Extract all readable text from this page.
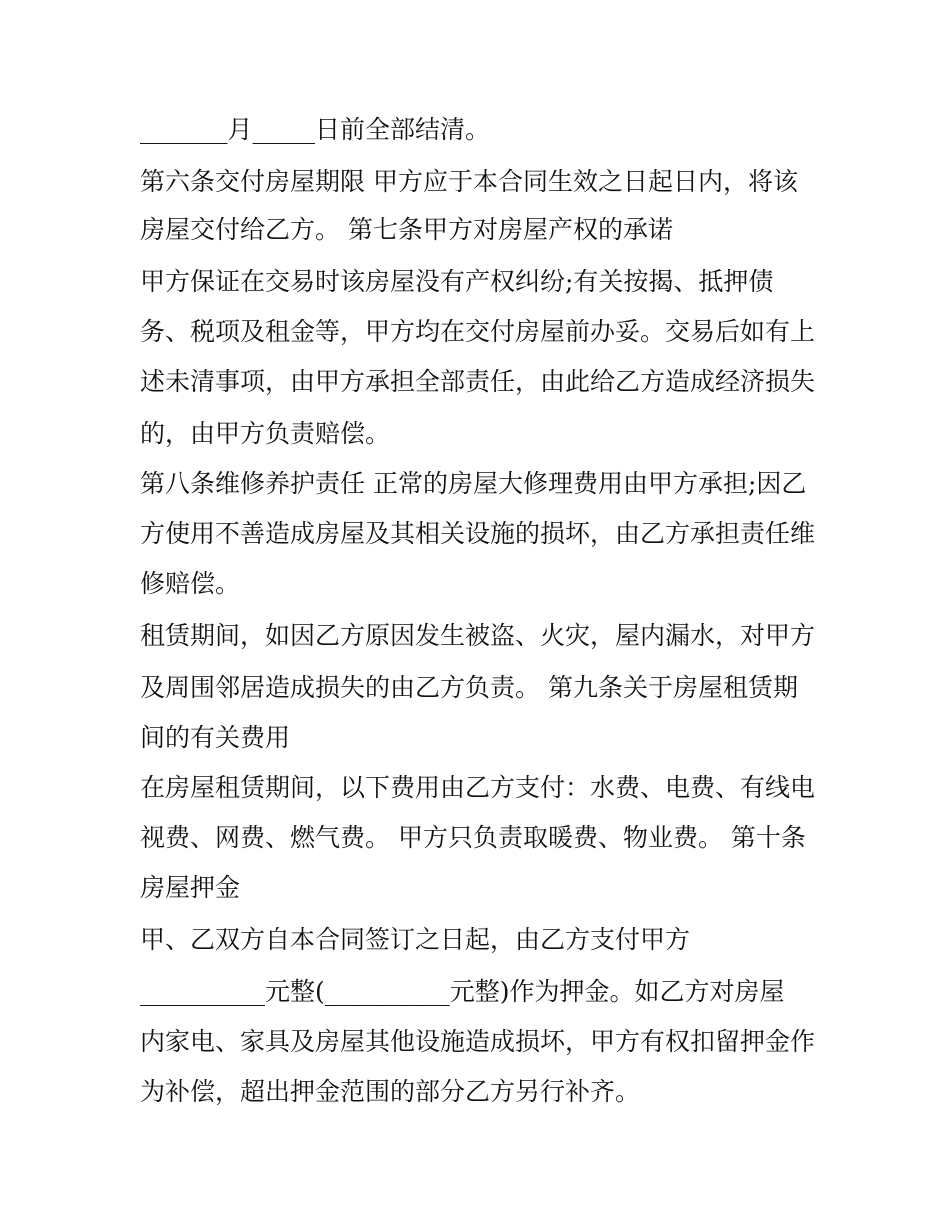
_______月_____日前全部结清。

第六条交付房屋期限 甲方应于本合同生效之日起日内，将该

房屋交付给乙方。 第七条甲方对房屋产权的承诺

甲方保证在交易时该房屋没有产权纠纷;有关按揭、抵押债

务、税项及租金等，甲方均在交付房屋前办妥。交易后如有上

述未清事项，由甲方承担全部责任，由此给乙方造成经济损失

的，由甲方负责赔偿。

第八条维修养护责任 正常的房屋大修理费用由甲方承担;因乙

方使用不善造成房屋及其相关设施的损坏，由乙方承担责任维

修赔偿。

租赁期间，如因乙方原因发生被盗、火灾，屋内漏水，对甲方

及周围邻居造成损失的由乙方负责。 第九条关于房屋租赁期

间的有关费用

在房屋租赁期间，以下费用由乙方支付：水费、电费、有线电

视费、网费、燃气费。 甲方只负责取暖费、物业费。 第十条

房屋押金

甲、乙双方自本合同签订之日起，由乙方支付甲方

__________元整(__________元整)作为押金。如乙方对房屋

内家电、家具及房屋其他设施造成损坏，甲方有权扣留押金作

为补偿，超出押金范围的部分乙方另行补齐。
